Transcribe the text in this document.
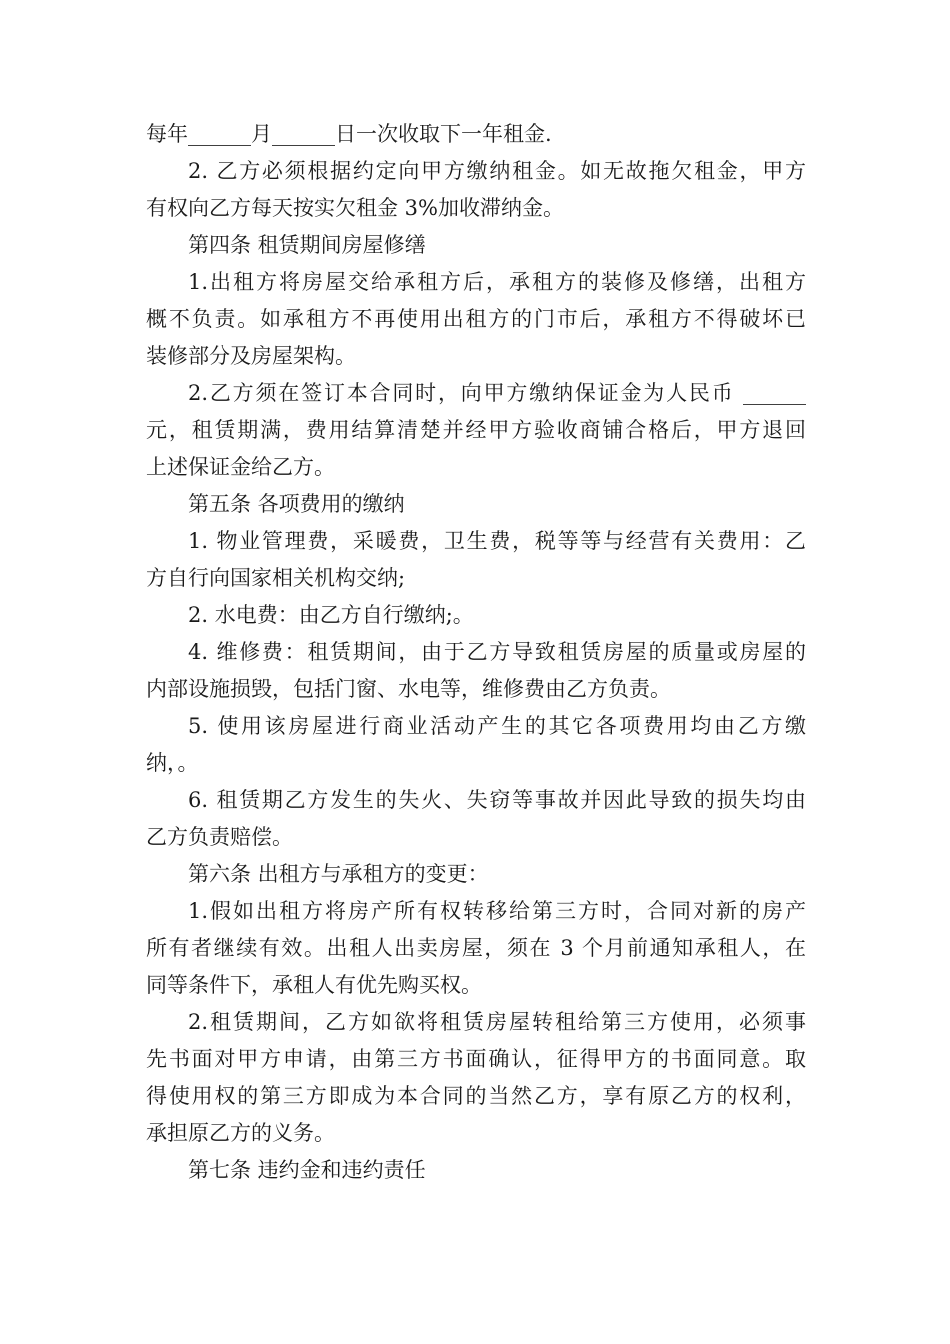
每年______月______日一次收取下一年租金.
2. 乙方必须根据约定向甲方缴纳租金。如无故拖欠租金，甲方
有权向乙方每天按实欠租金 3%加收滞纳金。
第四条 租赁期间房屋修缮
1.出租方将房屋交给承租方后，承租方的装修及修缮，出租方
概不负责。如承租方不再使用出租方的门市后，承租方不得破坏已
装修部分及房屋架构。
2.乙方须在签订本合同时，向甲方缴纳保证金为人民币 ______
元，租赁期满，费用结算清楚并经甲方验收商铺合格后，甲方退回
上述保证金给乙方。
第五条 各项费用的缴纳
1. 物业管理费，采暖费，卫生费，税等等与经营有关费用：乙
方自行向国家相关机构交纳;
2. 水电费：由乙方自行缴纳;。
4. 维修费：租赁期间，由于乙方导致租赁房屋的质量或房屋的
内部设施损毁，包括门窗、水电等，维修费由乙方负责。
5. 使用该房屋进行商业活动产生的其它各项费用均由乙方缴
纳，。
6. 租赁期乙方发生的失火、失窃等事故并因此导致的损失均由
乙方负责赔偿。
第六条 出租方与承租方的变更：
1.假如出租方将房产所有权转移给第三方时，合同对新的房产
所有者继续有效。出租人出卖房屋，须在 3 个月前通知承租人，在
同等条件下，承租人有优先购买权。
2.租赁期间，乙方如欲将租赁房屋转租给第三方使用，必须事
先书面对甲方申请，由第三方书面确认，征得甲方的书面同意。取
得使用权的第三方即成为本合同的当然乙方，享有原乙方的权利，
承担原乙方的义务。
第七条 违约金和违约责任
